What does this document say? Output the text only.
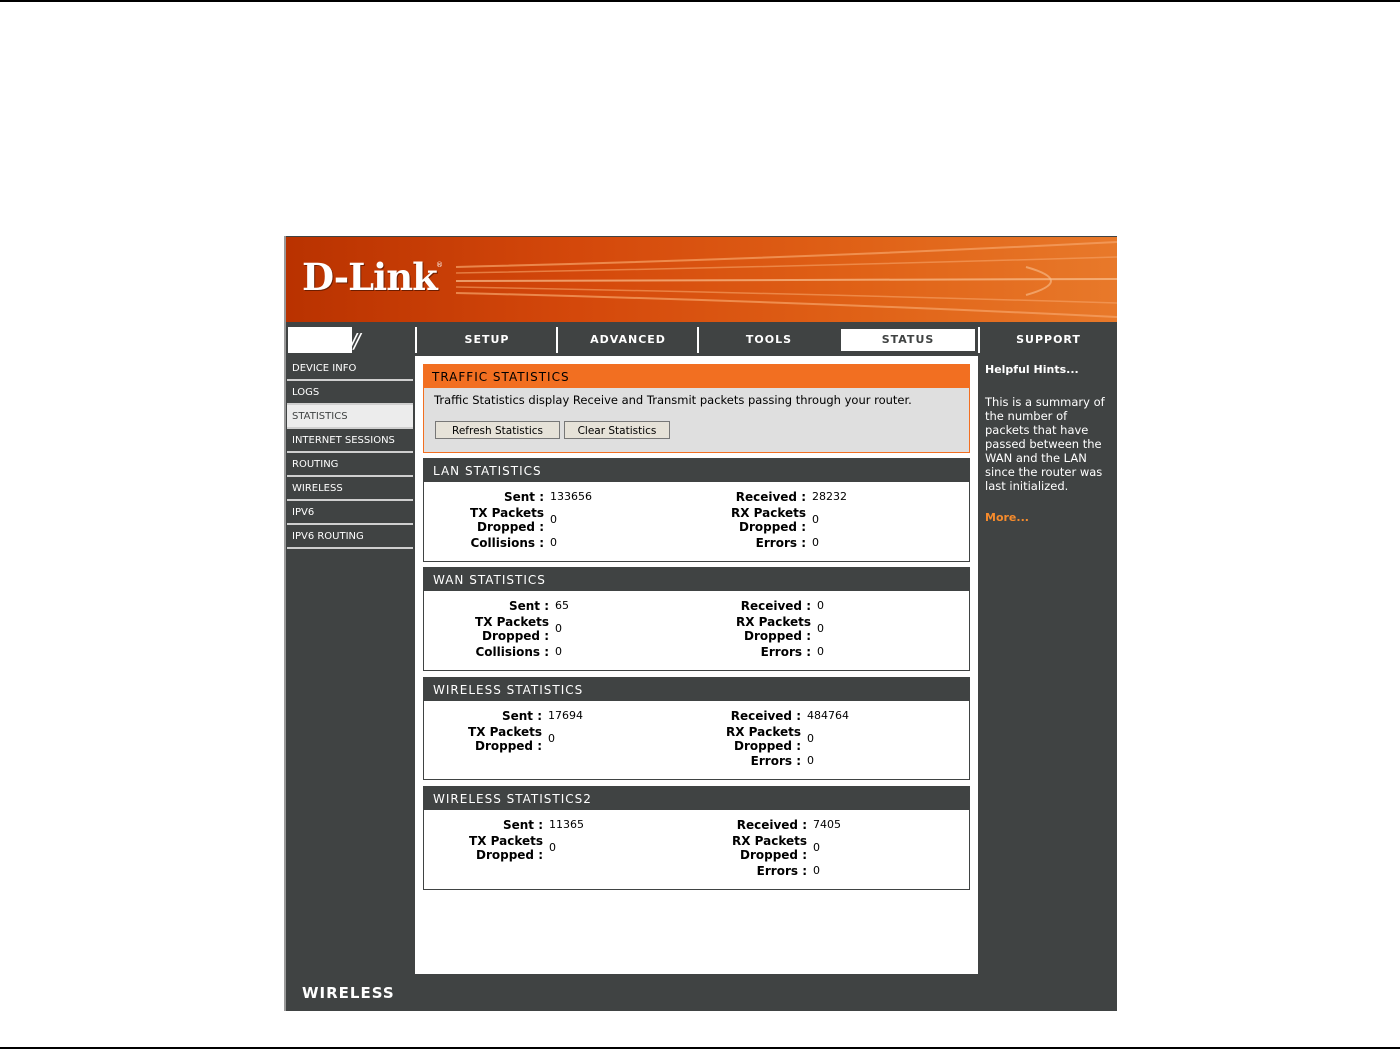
D-Link ®
//	SETUP	ADVANCED	TOOLS	STATUS	SUPPORT
DEVICE INFO
LOGS
STATISTICS
INTERNET SESSIONS
ROUTING
WIRELESS
IPV6
IPV6 ROUTING
TRAFFIC STATISTICS
Traffic Statistics display Receive and Transmit packets passing through your router.
Refresh Statistics	Clear Statistics
LAN STATISTICS
Sent : 133656
TX Packets
Dropped :
0
Collisions : 0
Received : 28232
RX Packets
Dropped :
0
Errors : 0
WAN STATISTICS
Sent : 65
TX Packets
Dropped :
0
Collisions : 0
Received : 0
RX Packets
Dropped :
0
Errors : 0
WIRELESS STATISTICS
Sent : 17694
TX Packets
Dropped :
0
Received : 484764
RX Packets
Dropped :
0
Errors : 0
WIRELESS STATISTICS2
Sent : 11365
TX Packets
Dropped :
0
Received : 7405
RX Packets
Dropped :
0
Errors : 0
Helpful Hints...
This is a summary of the number of packets that have passed between the WAN and the LAN since the router was last initialized.
More...
WIRELESS
